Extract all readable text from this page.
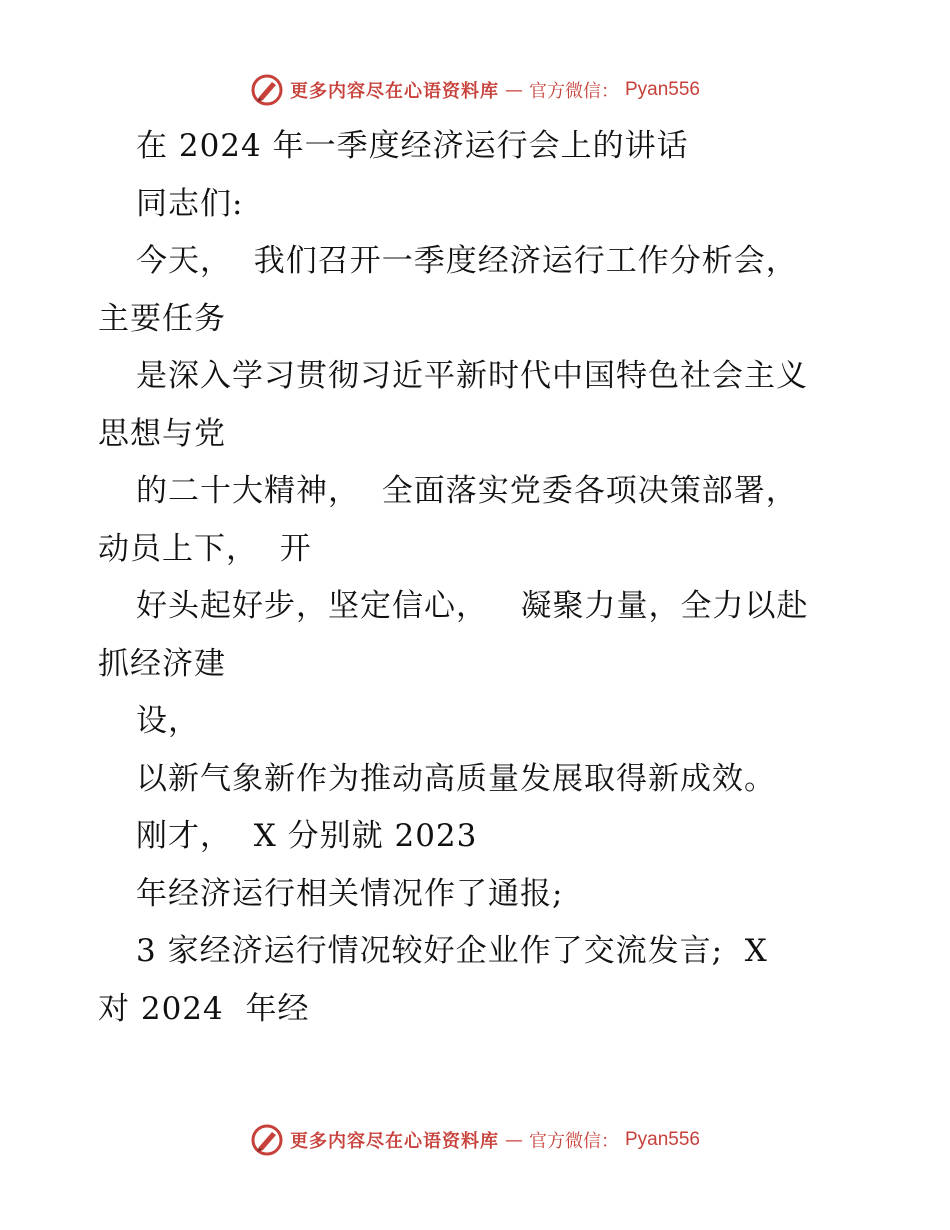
更多内容尽在心语资料库 — 官方微信： Pyan556
在 2024 年一季度经济运行会上的讲话
同志们:
今天，  我们召开一季度经济运行工作分析会，
主要任务
是深入学习贯彻习近平新时代中国特色社会主义
思想与党
的二十大精神，  全面落实党委各项决策部署，
动员上下，  开
好头起好步，坚定信心，   凝聚力量，全力以赴
抓经济建
设，
以新气象新作为推动高质量发展取得新成效。
刚才，  X 分别就 2023
年经济运行相关情况作了通报;
3 家经济运行情况较好企业作了交流发言;  X
对 2024  年经
更多内容尽在心语资料库 — 官方微信： Pyan556
